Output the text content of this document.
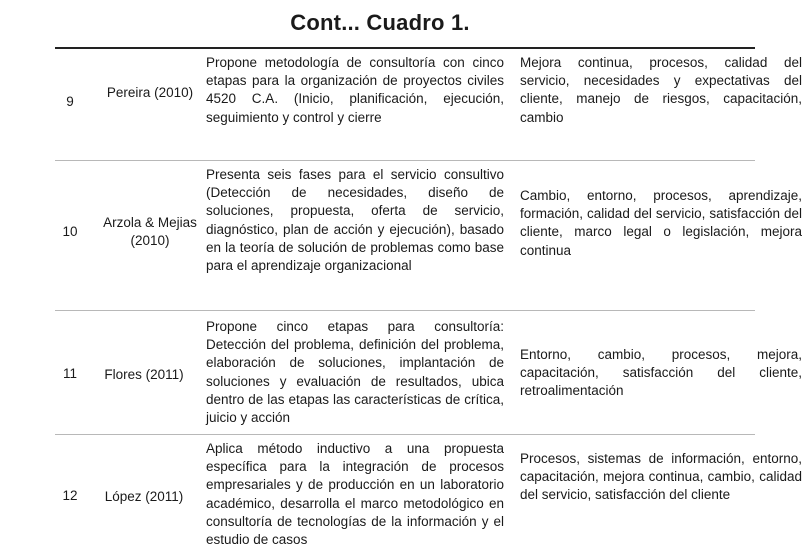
Cont... Cuadro 1.
9
Pereira (2010)
Propone metodología de consultoría con cinco etapas para la organización de proyectos civiles 4520 C.A. (Inicio, planificación, ejecución, seguimiento y control y cierre
Mejora continua, procesos, calidad del servicio, necesidades y expectativas del cliente, manejo de riesgos, capacitación, cambio
10
Arzola & Mejias (2010)
Presenta seis fases para el servicio consultivo (Detección de necesidades, diseño de soluciones, propuesta, oferta de servicio, diagnóstico, plan de acción y ejecución), basado en la teoría de solución de problemas como base para el aprendizaje organizacional
Cambio, entorno, procesos, aprendizaje, formación, calidad del servicio, satisfacción del cliente, marco legal o legislación, mejora continua
11	Flores (2011)
Propone cinco etapas para consultoría: Detección del problema, definición del problema, elaboración de soluciones, implantación de soluciones y evaluación de resultados, ubica dentro de las etapas las características de crítica, juicio y acción
Entorno, cambio, procesos, mejora, capacitación, satisfacción del cliente, retroalimentación
12	López (2011)
Aplica método inductivo a una propuesta específica para la integración de procesos empresariales y de producción en un laboratorio académico, desarrolla el marco metodológico en consultoría de tecnologías de la información y el estudio de casos
Procesos, sistemas de información, entorno, capacitación, mejora continua, cambio, calidad del servicio, satisfacción del cliente
